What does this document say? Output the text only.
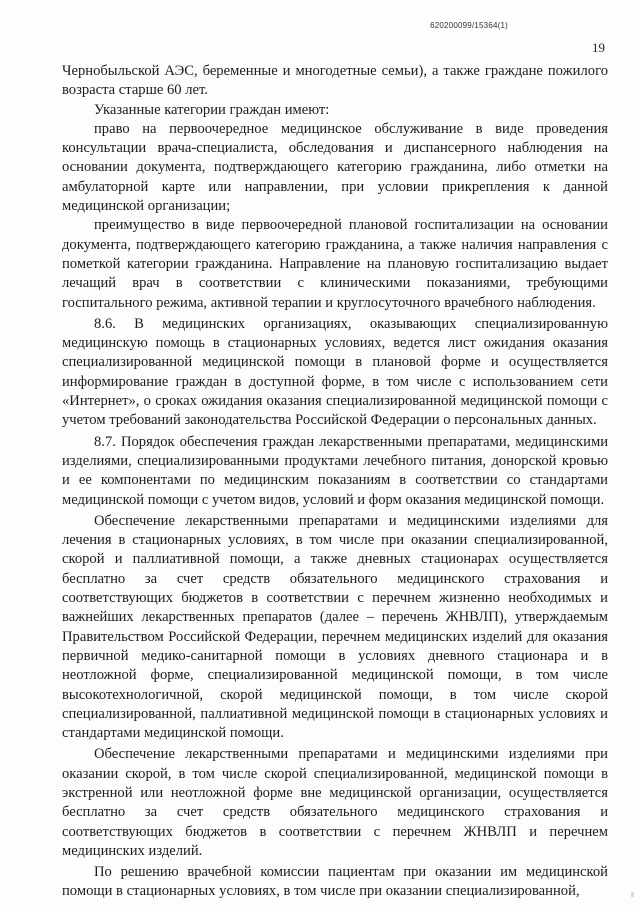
620200099/15364(1)
19

Чернобыльской АЭС, беременные и многодетные семьи), а также граждане пожилого возраста старше 60 лет.

Указанные категории граждан имеют:

право на первоочередное медицинское обслуживание в виде проведения консультации врача-специалиста, обследования и диспансерного наблюдения на основании документа, подтверждающего категорию гражданина, либо отметки на амбулаторной карте или направлении, при условии прикрепления к данной медицинской организации;

преимущество в виде первоочередной плановой госпитализации на основании документа, подтверждающего категорию гражданина, а также наличия направления с пометкой категории гражданина. Направление на плановую госпитализацию выдает лечащий врач в соответствии с клиническими показаниями, требующими госпитального режима, активной терапии и круглосуточного врачебного наблюдения.

8.6. В медицинских организациях, оказывающих специализированную медицинскую помощь в стационарных условиях, ведется лист ожидания оказания специализированной медицинской помощи в плановой форме и осуществляется информирование граждан в доступной форме, в том числе с использованием сети «Интернет», о сроках ожидания оказания специализированной медицинской помощи с учетом требований законодательства Российской Федерации о персональных данных.

8.7. Порядок обеспечения граждан лекарственными препаратами, медицинскими изделиями, специализированными продуктами лечебного питания, донорской кровью и ее компонентами по медицинским показаниям в соответствии со стандартами медицинской помощи с учетом видов, условий и форм оказания медицинской помощи.

Обеспечение лекарственными препаратами и медицинскими изделиями для лечения в стационарных условиях, в том числе при оказании специализированной, скорой и паллиативной помощи, а также дневных стационарах осуществляется бесплатно за счет средств обязательного медицинского страхования и соответствующих бюджетов в соответствии с перечнем жизненно необходимых и важнейших лекарственных препаратов (далее – перечень ЖНВЛП), утверждаемым Правительством Российской Федерации, перечнем медицинских изделий для оказания первичной медико-санитарной помощи в условиях дневного стационара и в неотложной форме, специализированной медицинской помощи, в том числе высокотехнологичной, скорой медицинской помощи, в том числе скорой специализированной, паллиативной медицинской помощи в стационарных условиях и стандартами медицинской помощи.

Обеспечение лекарственными препаратами и медицинскими изделиями при оказании скорой, в том числе скорой специализированной, медицинской помощи в экстренной или неотложной форме вне медицинской организации, осуществляется бесплатно за счет средств обязательного медицинского страхования и соответствующих бюджетов в соответствии с перечнем ЖНВЛП и перечнем медицинских изделий.

По решению врачебной комиссии пациентам при оказании им медицинской помощи в стационарных условиях, в том числе при оказании специализированной,
